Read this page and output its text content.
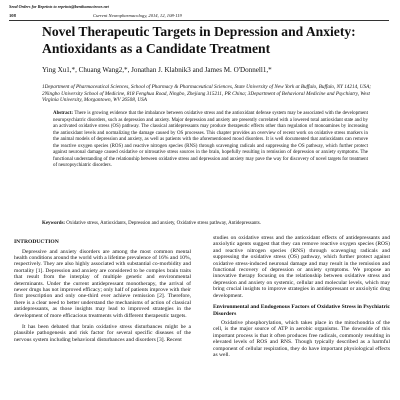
Send Orders for Reprints to reprints@benthamscience.net
108	Current Neuropharmacology, 2014, 12, 108-119
Novel Therapeutic Targets in Depression and Anxiety: Antioxidants as a Candidate Treatment
Ying Xu1,*, Chuang Wang2,*, Jonathan J. Klabnik3 and James M. O'Donnell1,*
1Department of Pharmaceutical Sciences, School of Pharmacy & Pharmaceutical Sciences, State University of New York at Buffalo, Buffalo, NY 14214, USA; 2Ningbo University School of Medicine, 818 Fenghua Road, Ningbo, Zhejiang 315211, PR China; 3Department of Behavioral Medicine and Psychiatry, West Virginia University, Morgantown, WV 26508, USA
Abstract: There is growing evidence that the imbalance between oxidative stress and the antioxidant defense system may be associated with the development neuropsychiatric disorders, such as depression and anxiety. Major depression and anxiety are presently correlated with a lowered total antioxidant state and by an activated oxidative stress (OS) pathway. The classical antidepressants may produce therapeutic effects other than regulation of monoamines by increasing the antioxidant levels and normalizing the damage caused by OS processes. This chapter provides an overview of recent work on oxidative stress markers in the animal models of depression and anxiety, as well as patients with the aforementioned mood disorders. It is well documented that antioxidants can remove the reactive oxygen species (ROS) and reactive nitrogen species (RNS) through scavenging radicals and suppressing the OS pathway, which further protect against neuronal damage caused oxidative or nitrosative stress sources in the brain, hopefully resulting in remission of depression or anxiety symptoms. The functional understanding of the relationship between oxidative stress and depression and anxiety may pave the way for discovery of novel targets for treatment of neuropsychiatric disorders.
Keywords: Oxidative stress, Antioxidants, Depression and anxiety, Oxidative stress pathway, Antidepressants.
INTRODUCTION

Depressive and anxiety disorders are among the most common mental health conditions around the world with a lifetime prevalence of 16% and 10%, respectively. They are also highly associated with substantial co-morbidity and mortality [1]. Depression and anxiety are considered to be complex brain traits that result from the interplay of multiple genetic and environmental determinants. Under the current antidepressant monotherapy, the arrival of newer drugs has not improved efficacy; only half of patients improve with their first prescription and only one-third ever achieve remission [2]. Therefore, there is a clear need to better understand the mechanisms of action of classical antidepressants, as those insights may lead to improved strategies in the development of more efficacious treatments with different therapeutic targets.

It has been debated that brain oxidative stress disturbances might be a plausible pathogenesis and risk factor for several specific diseases of the nervous system including behavioral disturbances and disorders [3]. Recent

studies on oxidative stress and the antioxidant effects of antidepressants and anxiolytic agents suggest that they can remove reactive oxygen species (ROS) and reactive nitrogen species (RNS) through scavenging radicals and suppressing the oxidative stress (OS) pathway, which further protect against oxidative stress-induced neuronal damage and may result in the remission and functional recovery of depression or anxiety symptoms. We propose an innovative therapy focusing on the relationship between oxidative stress and depression and anxiety on systemic, cellular and molecular levels, which may bring crucial insights to improve strategies in antidepressant or anxiolytic drug development.

Environmental and Endogenous Factors of Oxidative Stress in Psychiatric Disorders

Oxidative phosphorylation, which takes place in the mitochondria of the cell, is the major source of ATP in aerobic organisms. The downside of this important process is that it often produces free radicals, commonly resulting in elevated levels of ROS and RNS. Though typically described as a harmful component of cellular respiration, they do have important physiological effects as well.
